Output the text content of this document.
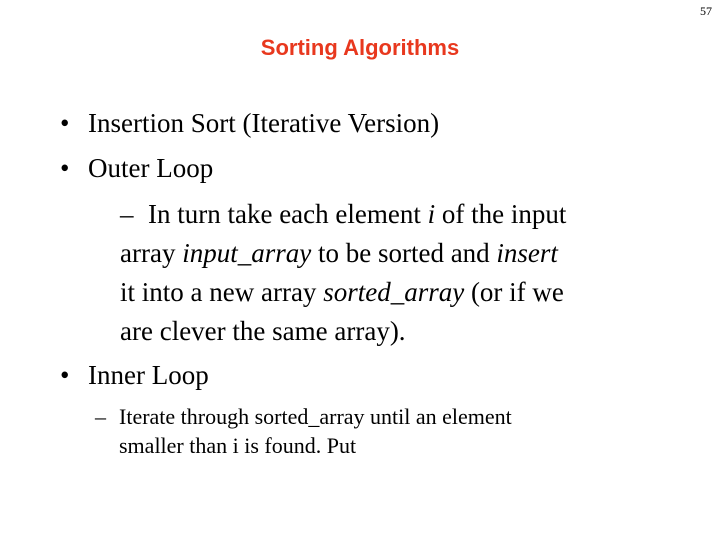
57
Sorting Algorithms
• Insertion Sort (Iterative Version)
• Outer Loop
– In turn take each element i of the input
array input_array to be sorted and insert
it into a new array sorted_array (or if we
are clever the same array).
• Inner Loop
– Iterate through sorted_array until an element
smaller than i is found. Put
